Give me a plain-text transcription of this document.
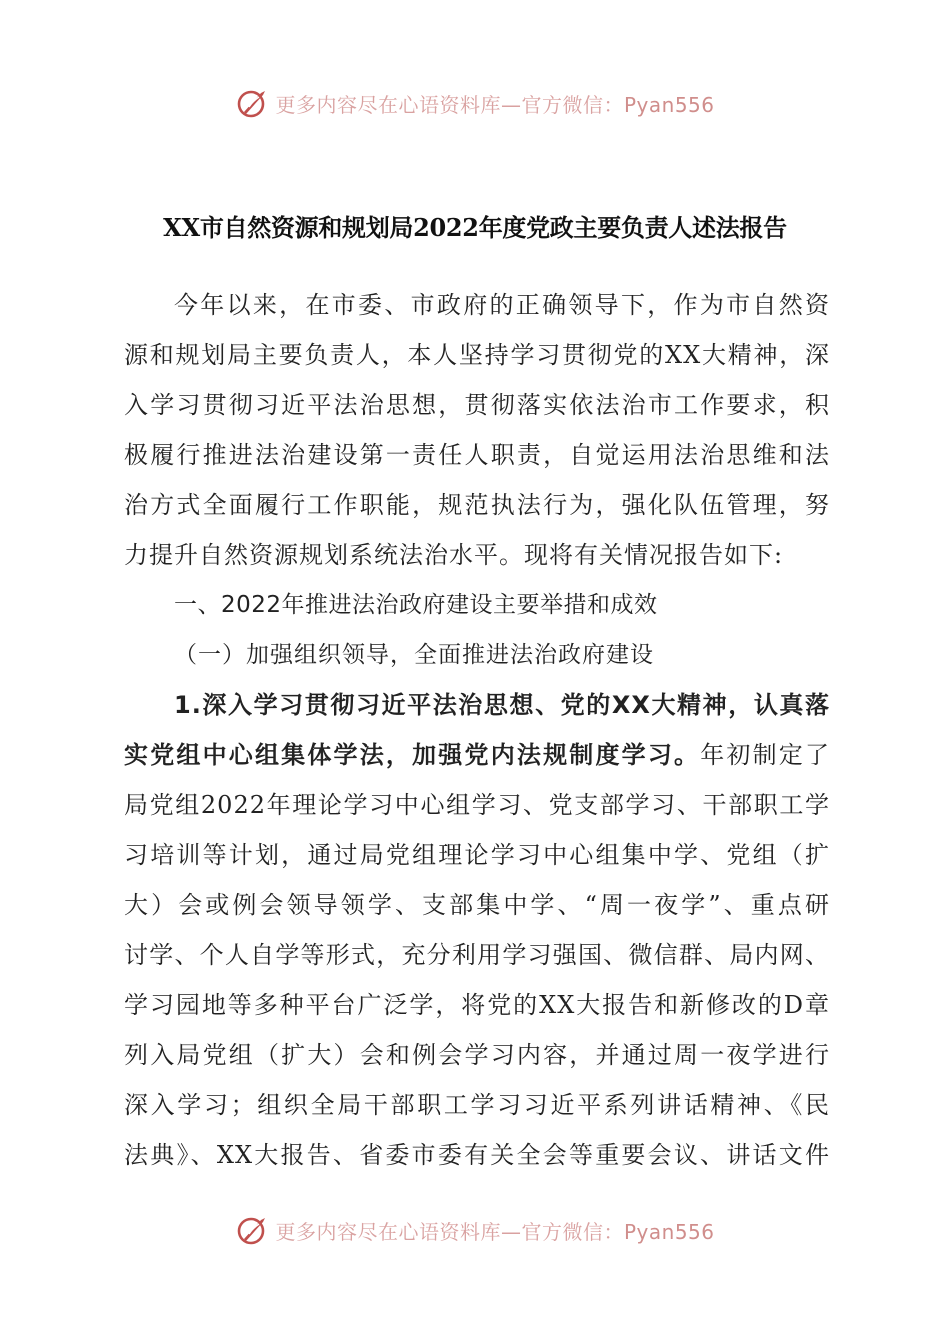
更多内容尽在心语资料库—官方微信：Pyan556
XX市自然资源和规划局2022年度党政主要负责人述法报告
今年以来，在市委、市政府的正确领导下，作为市自然资
源和规划局主要负责人，本人坚持学习贯彻党的XX大精神，深
入学习贯彻习近平法治思想，贯彻落实依法治市工作要求，积
极履行推进法治建设第一责任人职责，自觉运用法治思维和法
治方式全面履行工作职能，规范执法行为，强化队伍管理，努
力提升自然资源规划系统法治水平。现将有关情况报告如下:
一、2022年推进法治政府建设主要举措和成效
（一）加强组织领导，全面推进法治政府建设
1.深入学习贯彻习近平法治思想、党的XX大精神，认真落
实党组中心组集体学法，加强党内法规制度学习。年初制定了
局党组2022年理论学习中心组学习、党支部学习、干部职工学
习培训等计划，通过局党组理论学习中心组集中学、党组（扩
大）会或例会领导领学、支部集中学、“周一夜学”、重点研
讨学、个人自学等形式，充分利用学习强国、微信群、局内网、
学习园地等多种平台广泛学，将党的XX大报告和新修改的D章
列入局党组（扩大）会和例会学习内容，并通过周一夜学进行
深入学习；组织全局干部职工学习习近平系列讲话精神、《民
法典》、XX大报告、省委市委有关全会等重要会议、讲话文件
更多内容尽在心语资料库—官方微信：Pyan556
